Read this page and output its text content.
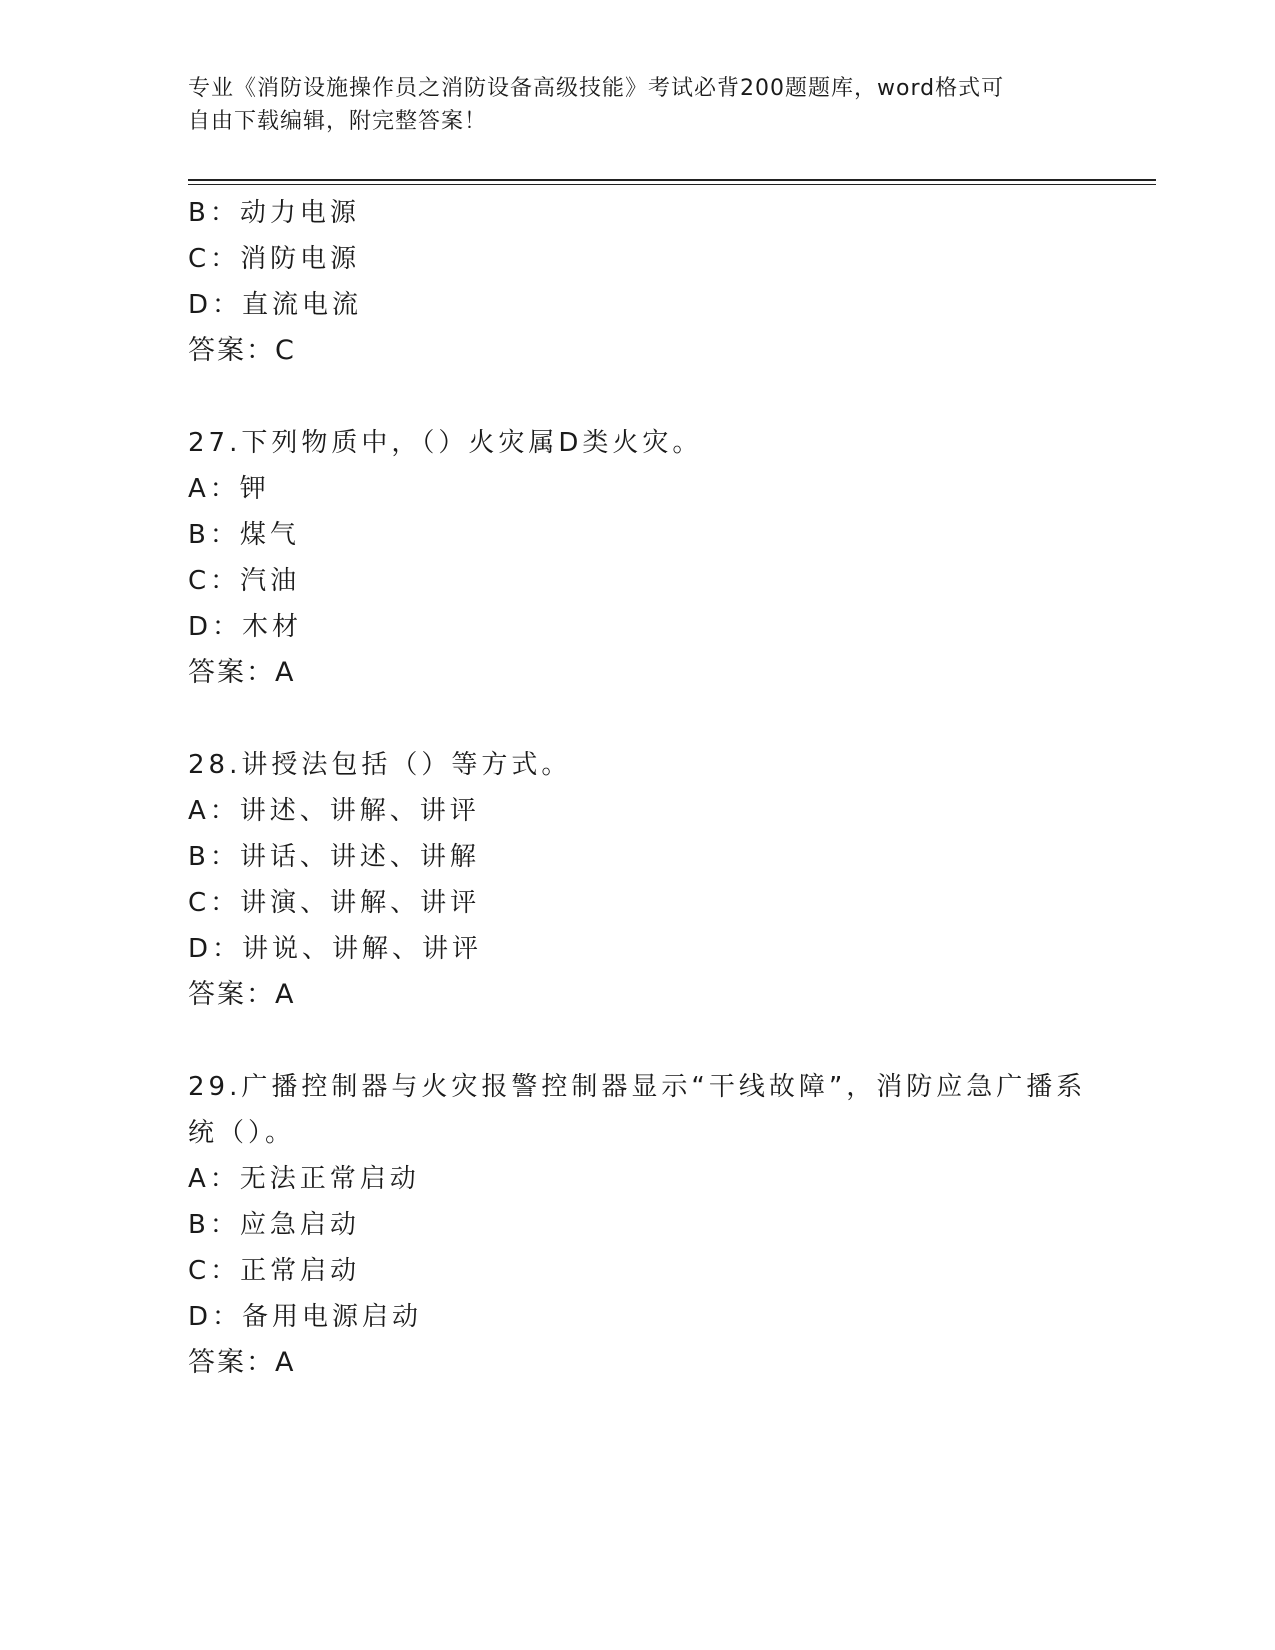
专业《消防设施操作员之消防设备高级技能》考试必背200题题库，word格式可
自由下载编辑，附完整答案！
B：动力电源
C：消防电源
D：直流电流
答案：C
27.下列物质中，（）火灾属D类火灾。
A：钾
B：煤气
C：汽油
D：木材
答案：A
28.讲授法包括（）等方式。
A：讲述、讲解、讲评
B：讲话、讲述、讲解
C：讲演、讲解、讲评
D：讲说、讲解、讲评
答案：A
29.广播控制器与火灾报警控制器显示“干线故障”，消防应急广播系
统（）。
A：无法正常启动
B：应急启动
C：正常启动
D：备用电源启动
答案：A
